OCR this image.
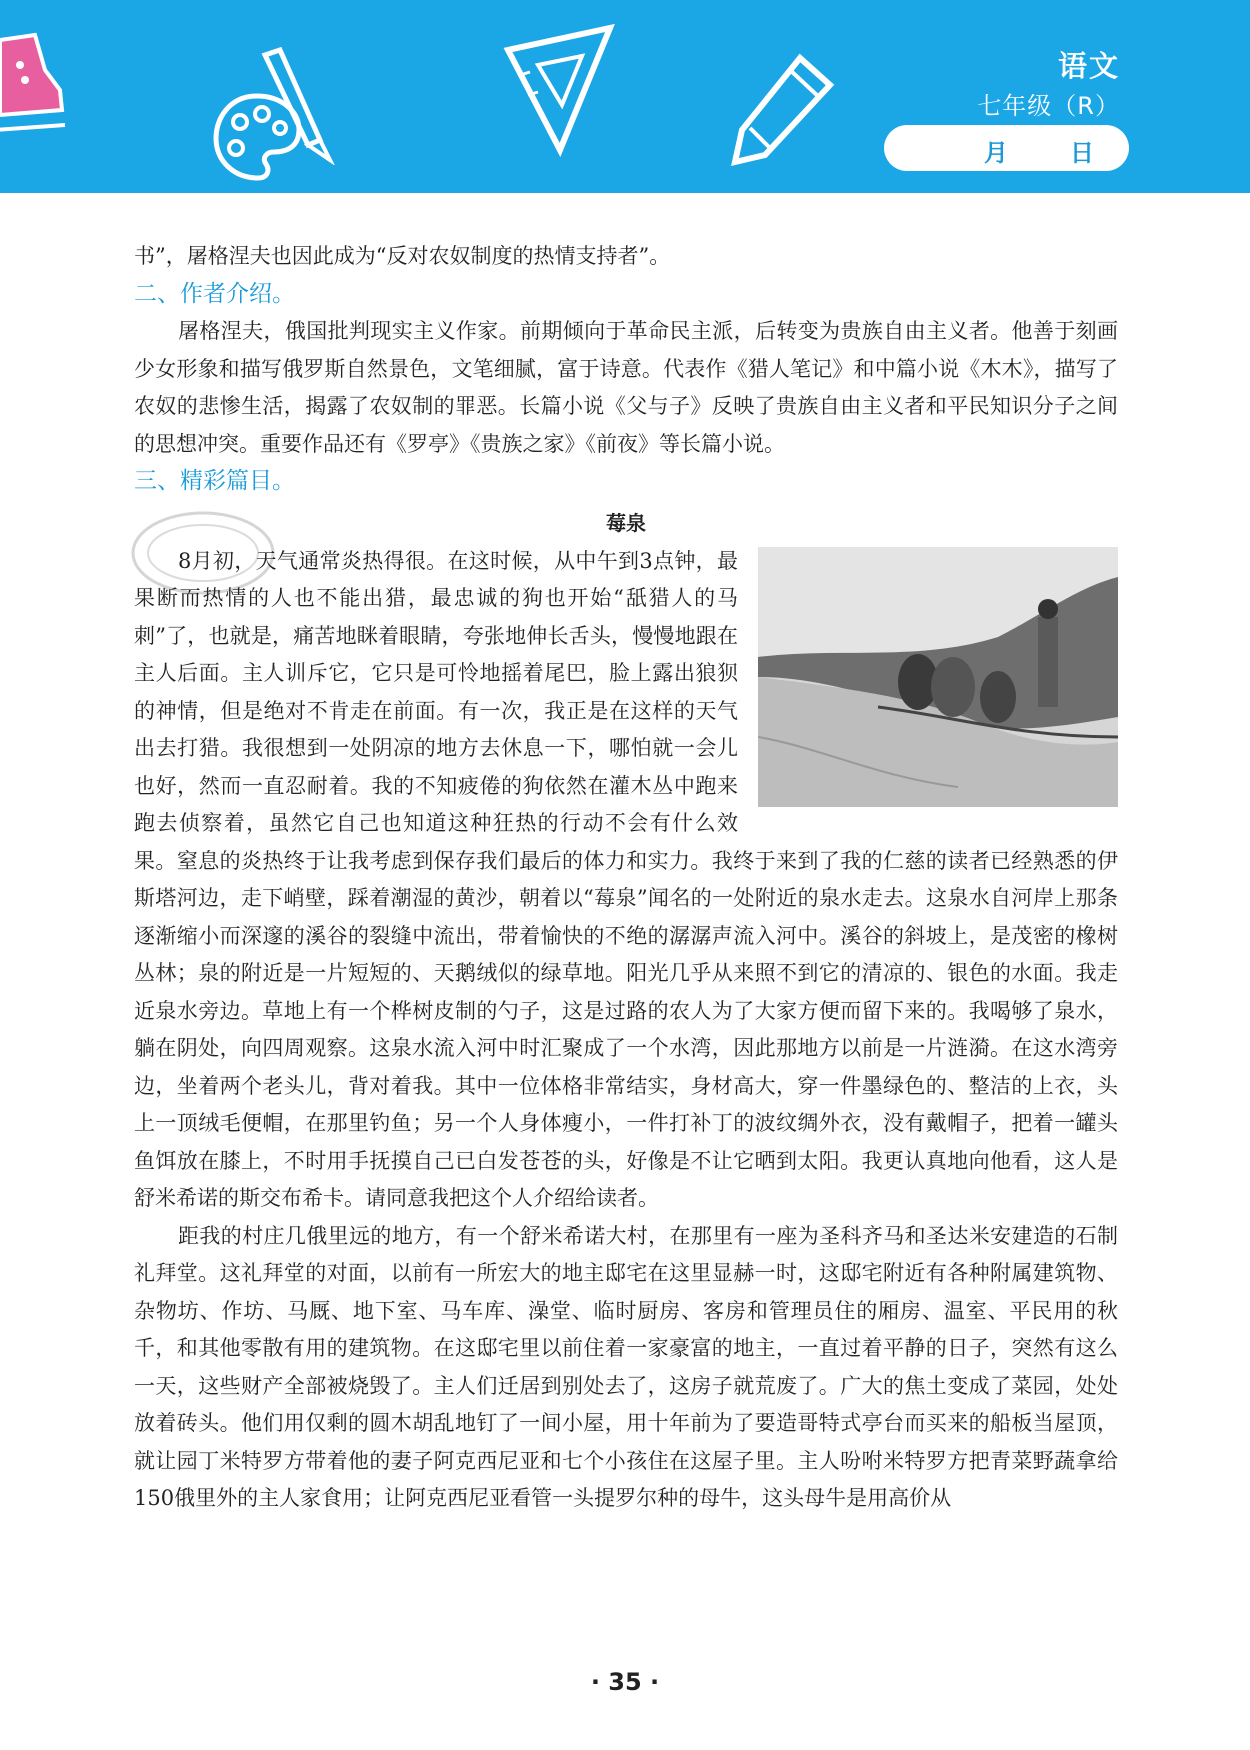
语文
七年级（R）
月	日

书”，屠格涅夫也因此成为“反对农奴制度的热情支持者”。

二、作者介绍。

屠格涅夫，俄国批判现实主义作家。前期倾向于革命民主派，后转变为贵族自由主义者。他善于刻画少女形象和描写俄罗斯自然景色，文笔细腻，富于诗意。代表作《猎人笔记》和中篇小说《木木》，描写了农奴的悲惨生活，揭露了农奴制的罪恶。长篇小说《父与子》反映了贵族自由主义者和平民知识分子之间的思想冲突。重要作品还有《罗亭》《贵族之家》《前夜》等长篇小说。

三、精彩篇目。
莓泉

8月初，天气通常炎热得很。在这时候，从中午到3点钟，最果断而热情的人也不能出猎，最忠诚的狗也开始“舐猎人的马刺”了，也就是，痛苦地眯着眼睛，夸张地伸长舌头，慢慢地跟在主人后面。主人训斥它，它只是可怜地摇着尾巴，脸上露出狼狈的神情，但是绝对不肯走在前面。有一次，我正是在这样的天气出去打猎。我很想到一处阴凉的地方去休息一下，哪怕就一会儿也好，然而一直忍耐着。我的不知疲倦的狗依然在灌木丛中跑来跑去侦察着，虽然它自己也知道这种狂热的行动不会有什么效果。窒息的炎热终于让我考虑到保存我们最后的体力和实力。我终于来到了我的仁慈的读者已经熟悉的伊斯塔河边，走下峭壁，踩着潮湿的黄沙，朝着以“莓泉”闻名的一处附近的泉水走去。这泉水自河岸上那条逐渐缩小而深邃的溪谷的裂缝中流出，带着愉快的不绝的潺潺声流入河中。溪谷的斜坡上，是茂密的橡树丛林；泉的附近是一片短短的、天鹅绒似的绿草地。阳光几乎从来照不到它的清凉的、银色的水面。我走近泉水旁边。草地上有一个桦树皮制的勺子，这是过路的农人为了大家方便而留下来的。我喝够了泉水，躺在阴处，向四周观察。这泉水流入河中时汇聚成了一个水湾，因此那地方以前是一片涟漪。在这水湾旁边，坐着两个老头儿，背对着我。其中一位体格非常结实，身材高大，穿一件墨绿色的、整洁的上衣，头上一顶绒毛便帽，在那里钓鱼；另一个人身体瘦小，一件打补丁的波纹绸外衣，没有戴帽子，把着一罐头鱼饵放在膝上，不时用手抚摸自己已白发苍苍的头，好像是不让它晒到太阳。我更认真地向他看，这人是舒米希诺的斯交布希卡。请同意我把这个人介绍给读者。

距我的村庄几俄里远的地方，有一个舒米希诺大村，在那里有一座为圣科齐马和圣达米安建造的石制礼拜堂。这礼拜堂的对面，以前有一所宏大的地主邸宅在这里显赫一时，这邸宅附近有各种附属建筑物、杂物坊、作坊、马厩、地下室、马车库、澡堂、临时厨房、客房和管理员住的厢房、温室、平民用的秋千，和其他零散有用的建筑物。在这邸宅里以前住着一家豪富的地主，一直过着平静的日子，突然有这么一天，这些财产全部被烧毁了。主人们迁居到别处去了，这房子就荒废了。广大的焦土变成了菜园，处处放着砖头。他们用仅剩的圆木胡乱地钉了一间小屋，用十年前为了要造哥特式亭台而买来的船板当屋顶，就让园丁米特罗方带着他的妻子阿克西尼亚和七个小孩住在这屋子里。主人吩咐米特罗方把青菜野蔬拿给150俄里外的主人家食用；让阿克西尼亚看管一头提罗尔种的母牛，这头母牛是用高价从

· 35 ·
